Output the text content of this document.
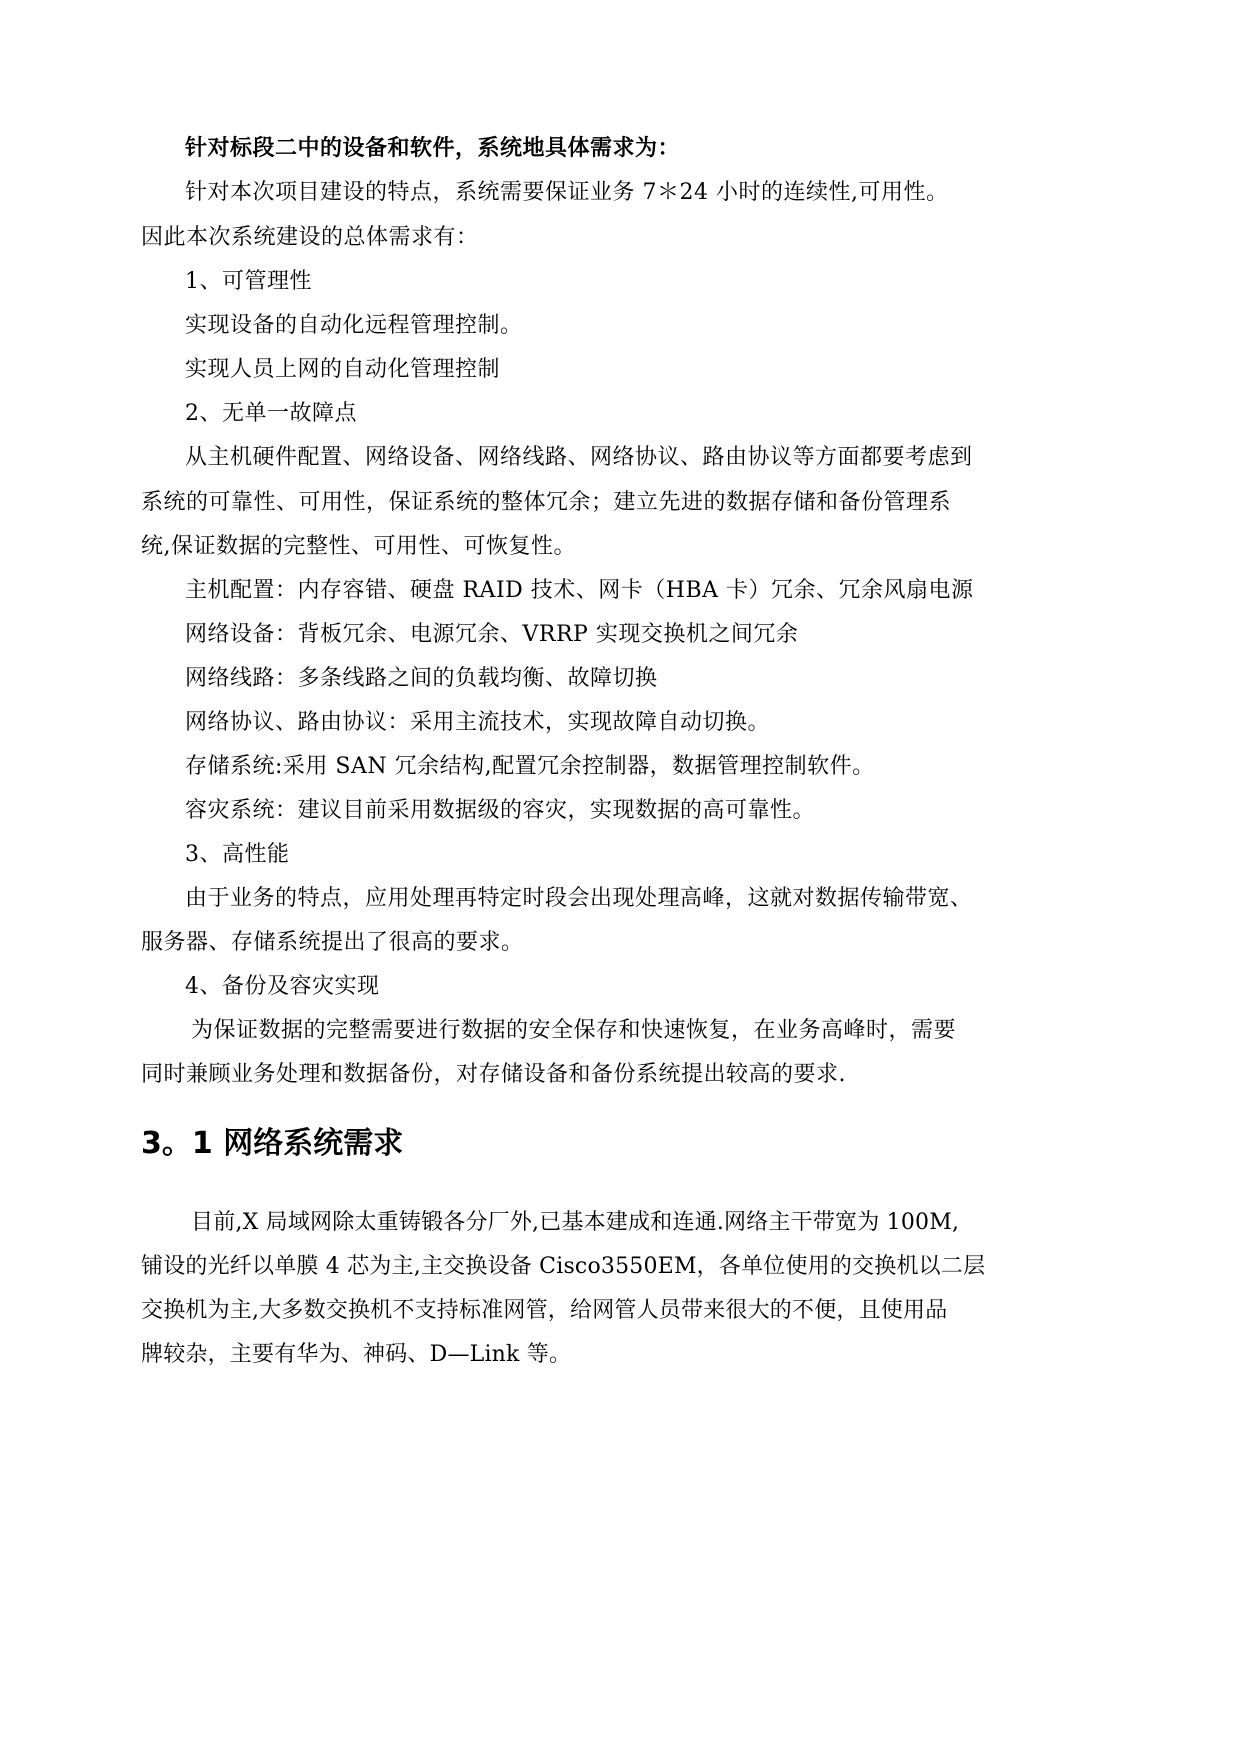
针对标段二中的设备和软件，系统地具体需求为：
针对本次项目建设的特点，系统需要保证业务 7＊24 小时的连续性,可用性。
因此本次系统建设的总体需求有：
1、可管理性
实现设备的自动化远程管理控制。
实现人员上网的自动化管理控制
2、无单一故障点
从主机硬件配置、网络设备、网络线路、网络协议、路由协议等方面都要考虑到
系统的可靠性、可用性，保证系统的整体冗余；建立先进的数据存储和备份管理系
统,保证数据的完整性、可用性、可恢复性。
主机配置：内存容错、硬盘 RAID 技术、网卡（HBA 卡）冗余、冗余风扇电源
网络设备：背板冗余、电源冗余、VRRP 实现交换机之间冗余
网络线路：多条线路之间的负载均衡、故障切换
网络协议、路由协议：采用主流技术，实现故障自动切换。
存储系统:采用 SAN 冗余结构,配置冗余控制器，数据管理控制软件。
容灾系统：建议目前采用数据级的容灾，实现数据的高可靠性。
3、高性能
由于业务的特点，应用处理再特定时段会出现处理高峰，这就对数据传输带宽、
服务器、存储系统提出了很高的要求。
4、备份及容灾实现
为保证数据的完整需要进行数据的安全保存和快速恢复，在业务高峰时，需要
同时兼顾业务处理和数据备份，对存储设备和备份系统提出较高的要求.
3。1 网络系统需求
目前,X 局域网除太重铸锻各分厂外,已基本建成和连通.网络主干带宽为 100M,
铺设的光纤以单膜 4 芯为主,主交换设备 Cisco3550EM，各单位使用的交换机以二层
交换机为主,大多数交换机不支持标准网管，给网管人员带来很大的不便，且使用品
牌较杂，主要有华为、神码、D—Link 等。
